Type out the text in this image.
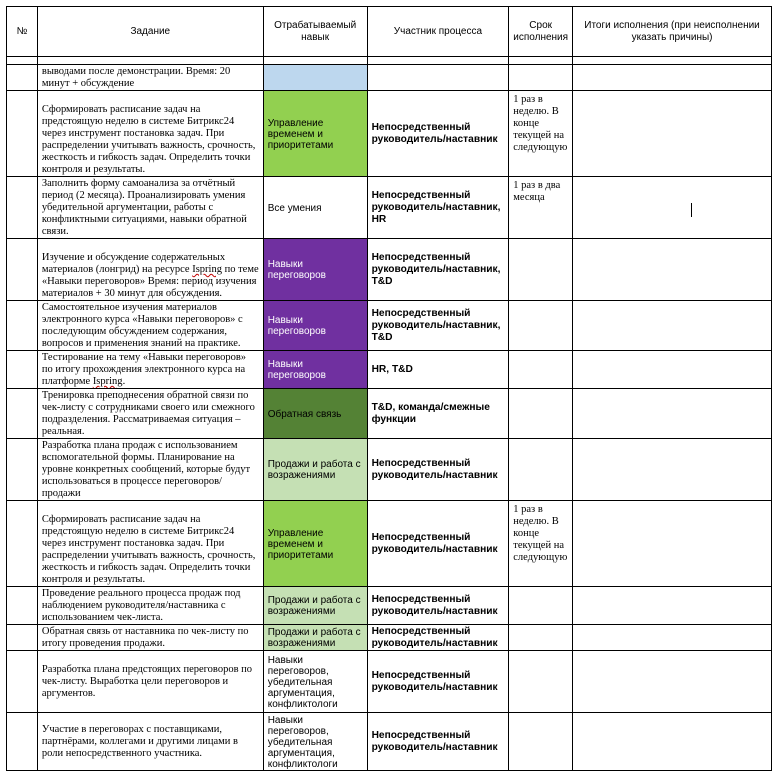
№	Задание	Отрабатываемый навык	Участник процесса	Срок исполнения	Итоги исполнения (при неисполнении указать причины)

	выводами после демонстрации. Время: 20 минут + обсуждение				
	Сформировать расписание задач на предстоящую неделю в системе Битрикс24 через инструмент постановка задач. При распределении учитывать важность, срочность, жесткость и гибкость задач. Определить точки контроля и результаты.	Управление временем и приоритетами	Непосредственный руководитель/наставник	1 раз в неделю. В конце текущей на следующую	
	Заполнить форму самоанализа за отчётный период (2 месяца). Проанализировать умения убедительной аргументации, работы с конфликтными ситуациями, навыки обратной связи.	Все умения	Непосредственный руководитель/наставник, HR	1 раз в два месяца	
	Изучение и обсуждение содержательных материалов (лонгрид) на ресурсе Ispring по теме «Навыки переговоров» Время: период изучения материалов + 30 минут для обсуждения.	Навыки переговоров	Непосредственный руководитель/наставник, T&D		
	Самостоятельное изучения материалов электронного курса «Навыки переговоров» с последующим обсуждением содержания, вопросов и применения знаний на практике.	Навыки переговоров	Непосредственный руководитель/наставник, T&D		
	Тестирование на тему «Навыки переговоров» по итогу прохождения электронного курса на платформе Ispring.	Навыки переговоров	HR, T&D		
	Тренировка преподнесения обратной связи по чек-листу с сотрудниками своего или смежного подразделения. Рассматриваемая ситуация – реальная.	Обратная связь	T&D, команда/смежные функции		
	Разработка плана продаж с использованием вспомогательной формы. Планирование на уровне конкретных сообщений, которые будут использоваться в процессе переговоров/продажи	Продажи и работа с возражениями	Непосредственный руководитель/наставник		
	Сформировать расписание задач на предстоящую неделю в системе Битрикс24 через инструмент постановка задач. При распределении учитывать важность, срочность, жесткость и гибкость задач. Определить точки контроля и результаты.	Управление временем и приоритетами	Непосредственный руководитель/наставник	1 раз в неделю. В конце текущей на следующую	
	Проведение реального процесса продаж под наблюдением руководителя/наставника с использованием чек-листа.	Продажи и работа с возражениями	Непосредственный руководитель/наставник		
	Обратная связь от наставника по чек-листу по итогу проведения продажи.	Продажи и работа с возражениями	Непосредственный руководитель/наставник		
	Разработка плана предстоящих переговоров по чек-листу. Выработка цели переговоров и аргументов.	Навыки переговоров, убедительная аргументация, конфликтологи	Непосредственный руководитель/наставник		
	Участие в переговорах с поставщиками, партнёрами, коллегами и другими лицами в роли непосредственного участника.	Навыки переговоров, убедительная аргументация, конфликтологи	Непосредственный руководитель/наставник		
